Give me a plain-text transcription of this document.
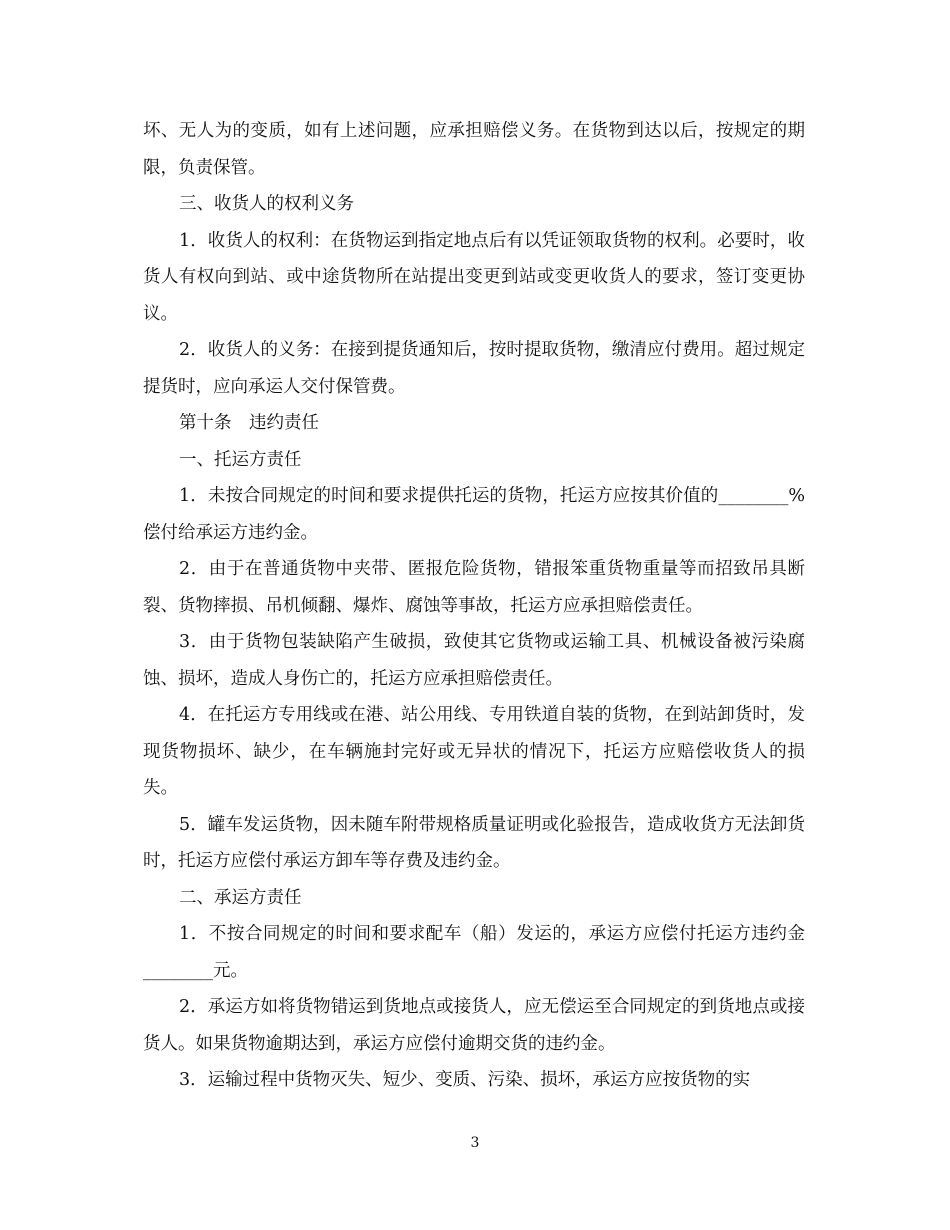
坏、无人为的变质，如有上述问题，应承担赔偿义务。在货物到达以后，按规定的期限，负责保管。

三、收货人的权利义务

1．收货人的权利：在货物运到指定地点后有以凭证领取货物的权利。必要时，收货人有权向到站、或中途货物所在站提出变更到站或变更收货人的要求，签订变更协议。

2．收货人的义务：在接到提货通知后，按时提取货物，缴清应付费用。超过规定提货时，应向承运人交付保管费。

第十条　违约责任

一、托运方责任

1．未按合同规定的时间和要求提供托运的货物，托运方应按其价值的________%偿付给承运方违约金。

2．由于在普通货物中夹带、匿报危险货物，错报笨重货物重量等而招致吊具断裂、货物摔损、吊机倾翻、爆炸、腐蚀等事故，托运方应承担赔偿责任。

3．由于货物包装缺陷产生破损，致使其它货物或运输工具、机械设备被污染腐蚀、损坏，造成人身伤亡的，托运方应承担赔偿责任。

4．在托运方专用线或在港、站公用线、专用铁道自装的货物，在到站卸货时，发现货物损坏、缺少，在车辆施封完好或无异状的情况下，托运方应赔偿收货人的损失。

5．罐车发运货物，因未随车附带规格质量证明或化验报告，造成收货方无法卸货时，托运方应偿付承运方卸车等存费及违约金。

二、承运方责任

1．不按合同规定的时间和要求配车（船）发运的，承运方应偿付托运方违约金________元。

2．承运方如将货物错运到货地点或接货人，应无偿运至合同规定的到货地点或接货人。如果货物逾期达到，承运方应偿付逾期交货的违约金。

3．运输过程中货物灭失、短少、变质、污染、损坏，承运方应按货物的实

3
